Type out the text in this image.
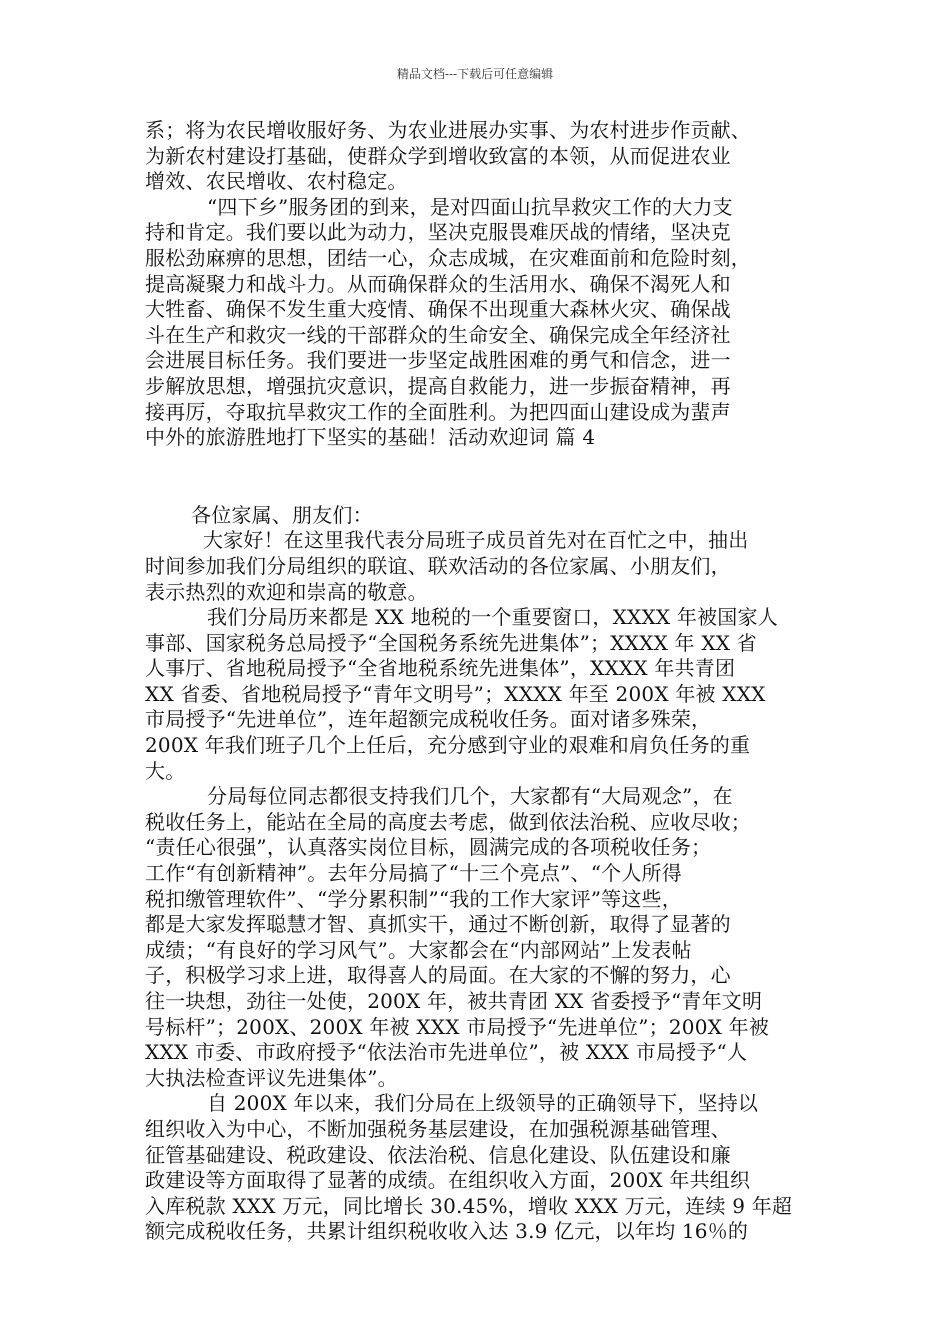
精品文档---下载后可任意编辑
系；将为农民增收服好务、为农业进展办实事、为农村进步作贡献、
为新农村建设打基础，使群众学到增收致富的本领，从而促进农业
增效、农民增收、农村稳定。
“四下乡”服务团的到来，是对四面山抗旱救灾工作的大力支
持和肯定。我们要以此为动力，坚决克服畏难厌战的情绪，坚决克
服松劲麻痹的思想，团结一心，众志成城，在灾难面前和危险时刻，
提高凝聚力和战斗力。从而确保群众的生活用水、确保不渴死人和
大牲畜、确保不发生重大疫情、确保不出现重大森林火灾、确保战
斗在生产和救灾一线的干部群众的生命安全、确保完成全年经济社
会进展目标任务。我们要进一步坚定战胜困难的勇气和信念，进一
步解放思想，增强抗灾意识，提高自救能力，进一步振奋精神，再
接再厉，夺取抗旱救灾工作的全面胜利。为把四面山建设成为蜚声
中外的旅游胜地打下坚实的基础！活动欢迎词 篇 4
各位家属、朋友们：
大家好！在这里我代表分局班子成员首先对在百忙之中，抽出
时间参加我们分局组织的联谊、联欢活动的各位家属、小朋友们，
表示热烈的欢迎和崇高的敬意。
我们分局历来都是 XX 地税的一个重要窗口，XXXX 年被国家人
事部、国家税务总局授予“全国税务系统先进集体”；XXXX 年 XX 省
人事厅、省地税局授予“全省地税系统先进集体”，XXXX 年共青团
XX 省委、省地税局授予“青年文明号”；XXXX 年至 200X 年被 XXX
市局授予“先进单位”，连年超额完成税收任务。面对诸多殊荣，
200X 年我们班子几个上任后，充分感到守业的艰难和肩负任务的重
大。
分局每位同志都很支持我们几个，大家都有“大局观念”，在
税收任务上，能站在全局的高度去考虑，做到依法治税、应收尽收；
“责任心很强”，认真落实岗位目标，圆满完成的各项税收任务；
工作“有创新精神”。去年分局搞了“十三个亮点”、“个人所得
税扣缴管理软件”、“学分累积制”“我的工作大家评”等这些，
都是大家发挥聪慧才智、真抓实干，通过不断创新，取得了显著的
成绩；“有良好的学习风气”。大家都会在“内部网站”上发表帖
子，积极学习求上进，取得喜人的局面。在大家的不懈的努力，心
往一块想，劲往一处使，200X 年，被共青团 XX 省委授予“青年文明
号标杆”；200X、200X 年被 XXX 市局授予“先进单位”；200X 年被
XXX 市委、市政府授予“依法治市先进单位”，被 XXX 市局授予“人
大执法检查评议先进集体”。
自 200X 年以来，我们分局在上级领导的正确领导下，坚持以
组织收入为中心，不断加强税务基层建设，在加强税源基础管理、
征管基础建设、税政建设、依法治税、信息化建设、队伍建设和廉
政建设等方面取得了显著的成绩。在组织收入方面，200X 年共组织
入库税款 XXX 万元，同比增长 30.45%，增收 XXX 万元，连续 9 年超
额完成税收任务，共累计组织税收收入达 3.9 亿元，以年均 16％的
